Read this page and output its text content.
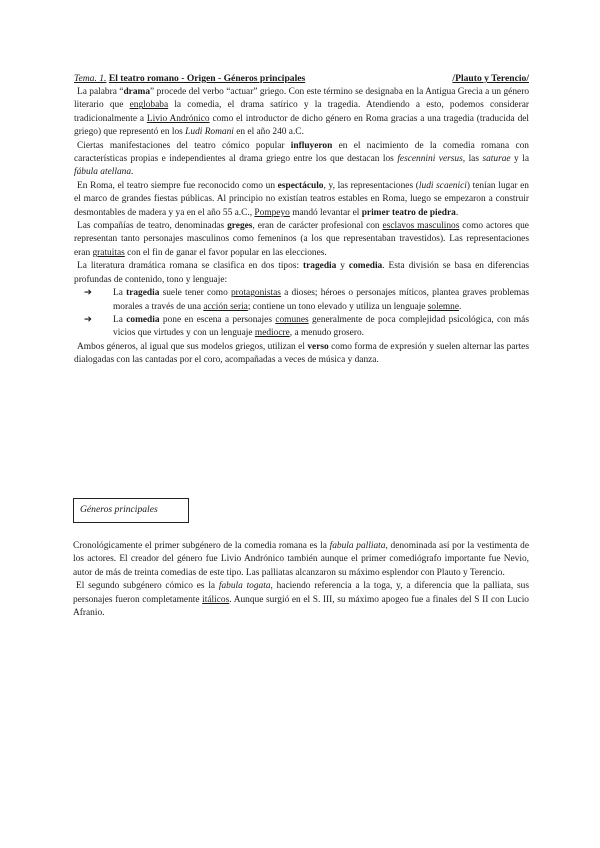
Tema. 1. El teatro romano - Origen - Géneros principales	/Plauto y Terencio/

La palabra “drama” procede del verbo “actuar” griego. Con este término se designaba en la Antigua Grecia a un género literario que englobaba la comedia, el drama satírico y la tragedia. Atendiendo a esto, podemos considerar tradicionalmente a Livio Andrónico como el introductor de dicho género en Roma gracias a una tragedia (traducida del griego) que representó en los Ludi Romani en el año 240 a.C.

Ciertas manifestaciones del teatro cómico popular influyeron en el nacimiento de la comedia romana con características propias e independientes al drama griego entre los que destacan los fescennini versus, las saturae y la fábula atellana.

En Roma, el teatro siempre fue reconocido como un espectáculo, y, las representaciones (ludi scaenici) tenían lugar en el marco de grandes fiestas públicas. Al principio no existían teatros estables en Roma, luego se empezaron a construir desmontables de madera y ya en el año 55 a.C., Pompeyo mandó levantar el primer teatro de piedra.

Las compañías de teatro, denominadas greges, eran de carácter profesional con esclavos masculinos como actores que representan tanto personajes masculinos como femeninos (a los que representaban travestidos). Las representaciones eran gratuitas con el fin de ganar el favor popular en las elecciones.

La literatura dramática romana se clasifica en dos tipos: tragedia y comedia. Esta división se basa en diferencias profundas de contenido, tono y lenguaje:

➔ La tragedia suele tener como protagonistas a dioses; héroes o personajes míticos, plantea graves problemas morales a través de una acción seria; contiene un tono elevado y utiliza un lenguaje solemne.
➔ La comedia pone en escena a personajes comunes generalmente de poca complejidad psicológica, con más vicios que virtudes y con un lenguaje mediocre, a menudo grosero.

Ambos géneros, al igual que sus modelos griegos, utilizan el verso como forma de expresión y suelen alternar las partes dialogadas con las cantadas por el coro, acompañadas a veces de música y danza.

Géneros principales

Cronológicamente el primer subgénero de la comedia romana es la fabula palliata, denominada así por la vestimenta de los actores. El creador del género fue Livio Andrónico también aunque el primer comediógrafo importante fue Nevio, autor de más de treinta comedias de este tipo. Las palliatas alcanzaron su máximo esplendor con Plauto y Terencio.

El segundo subgénero cómico es la fabula togata, haciendo referencia a la toga, y, a diferencia que la palliata, sus personajes fueron completamente itálicos. Aunque surgió en el S. III, su máximo apogeo fue a finales del S II con Lucio Afranio.
